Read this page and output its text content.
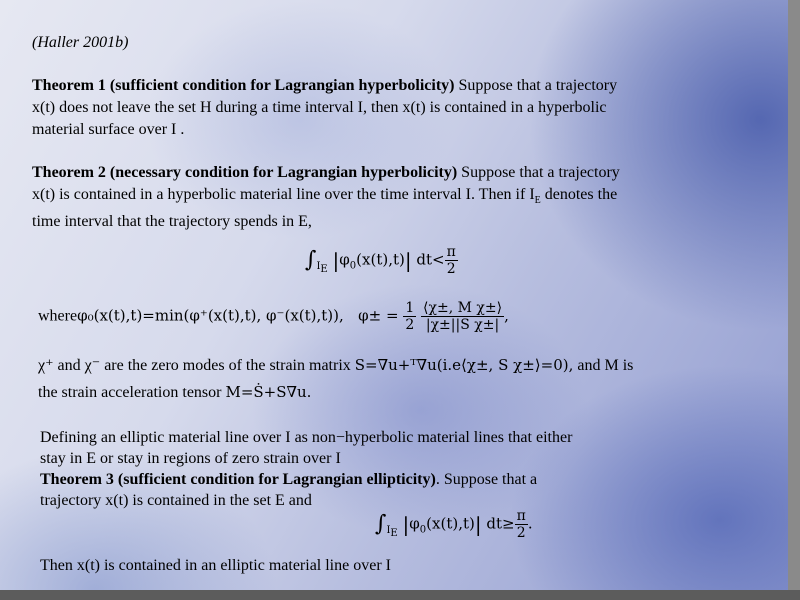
(Haller 2001b)
Theorem 1 (sufficient condition for Lagrangian hyperbolicity) Suppose that a trajectory
x(t) does not leave the set H during a time interval I, then x(t) is contained in a hyperbolic
material surface over I .
Theorem 2 (necessary condition for Lagrangian hyperbolicity) Suppose that a trajectory
x(t) is contained in a hyperbolic material line over the time interval I. Then if $I_E$ denotes the
time interval that the trajectory spends in E,
$\int_{I_E}$ $|\varphi_0(x(t),t)|$ $dt< \frac{\pi}{2}$
whereφ₀(x(t),t)=min(φ⁺(x(t),t), φ⁻(x(t),t)), $\varphi\pm = \frac{1}{2}$
$\frac{\text{⟨χ±, M χ±⟩}}{\text{|χ±||S χ±|}}$ ,
χ⁺ and χ⁻ are the zero modes of the strain matrix S=∇u+ᵀ∇u(i.e⟨χ±, S χ±⟩=0), and M is
the strain acceleration tensor M=Ṡ+S∇u.
Defining an elliptic material line over I as non−hyperbolic material lines that either
stay in E or stay in regions of zero strain over I
Theorem 3 (sufficient condition for Lagrangian ellipticity). Suppose that a
trajectory x(t) is contained in the set E and
$\int_{I_E}$ $|\varphi_0(x(t),t)|$ $dt\ge \frac{\pi}{2}$ .
Then x(t) is contained in an elliptic material line over I
